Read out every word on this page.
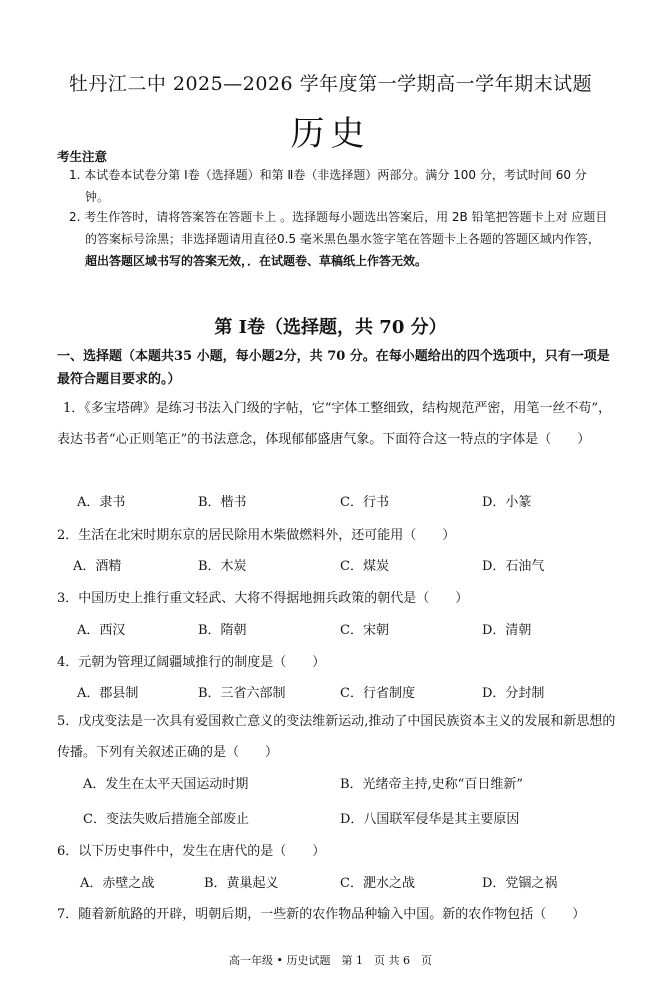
牡丹江二中 2025—2026 学年度第一学期高一学年期末试题
历史
考生注意
1. 本试卷本试卷分第 Ⅰ卷（选择题）和第 Ⅱ卷（非选择题）两部分。满分 100 分，考试时间 60 分钟。
2. 考生作答时，请将答案答在答题卡上 。选择题每小题选出答案后，用 2B 铅笔把答题卡上对 应题目的答案标号涂黑；非选择题请用直径0.5 毫米黑色墨水签字笔在答题卡上各题的答题区域内作答，超出答题区域书写的答案无效，．在试题卷、草稿纸上作答无效。
第 Ⅰ卷（选择题，共 70 分）
一、选择题（本题共35 小题，每小题2分，共 70 分。在每小题给出的四个选项中，只有一项是最符合题目要求的。）
1．《多宝塔碑》是练习书法入门级的字帖，它“字体工整细致，结构规范严密，用笔一丝不苟”，表达书者“心正则笔正”的书法意念，体现郁郁盛唐气象。下面符合这一特点的字体是（　　）
A．隶书	B．楷书	C．行书	D．小篆
2．生活在北宋时期东京的居民除用木柴做燃料外，还可能用（　　）
A．酒精	B．木炭	C．煤炭	D．石油气
3．中国历史上推行重文轻武、大将不得据地拥兵政策的朝代是（　　）
A．西汉	B．隋朝	C．宋朝	D．清朝
4．元朝为管理辽阔疆域推行的制度是（　　）
A．郡县制	B．三省六部制	C．行省制度	D．分封制
5．戊戌变法是一次具有爱国救亡意义的变法维新运动,推动了中国民族资本主义的发展和新思想的传播。下列有关叙述正确的是（　　）
A．发生在太平天国运动时期	B．光绪帝主持,史称“百日维新”
C．变法失败后措施全部废止	D．八国联军侵华是其主要原因
6．以下历史事件中，发生在唐代的是（　　）
A．赤壁之战	B．黄巢起义	C．淝水之战	D．党锢之祸
7．随着新航路的开辟，明朝后期，一些新的农作物品种输入中国。新的农作物包括（　　）
高一年级 • 历史试题　第 1　页 共 6　页
